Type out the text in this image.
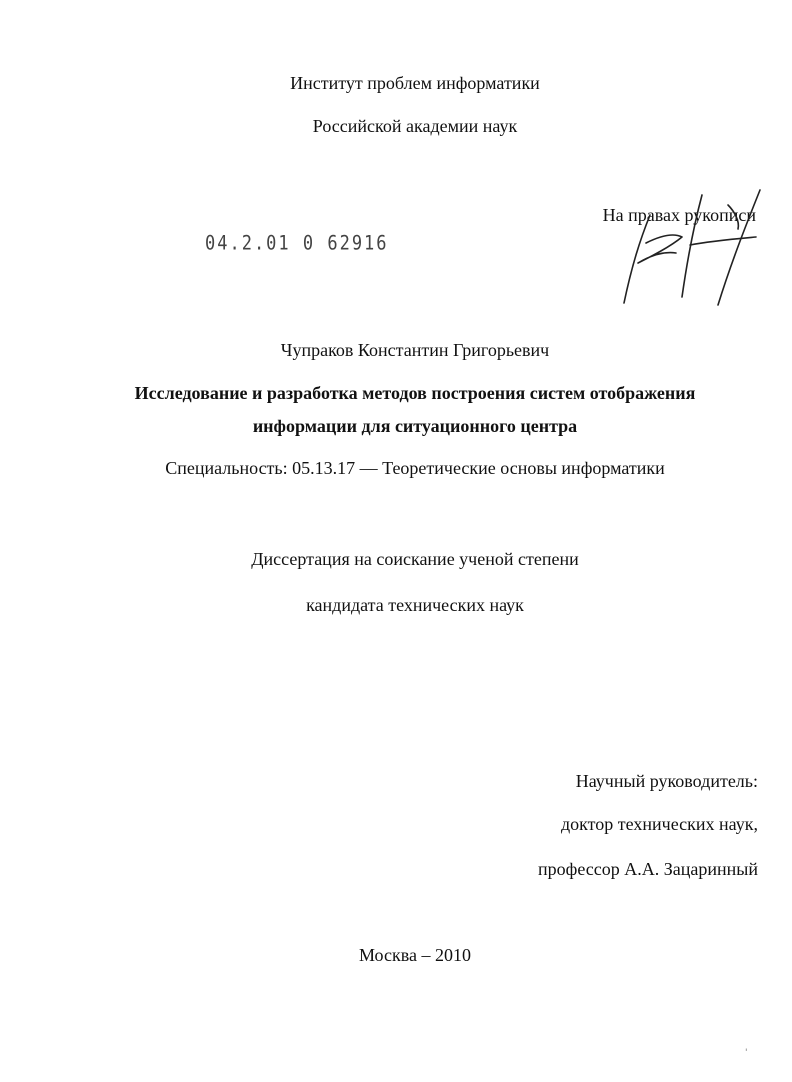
Институт проблем информатики
Российской академии наук
На правах рукописи
04.2.01 0 62916
Чупраков Константин Григорьевич
Исследование и разработка методов построения систем отображения
информации для ситуационного центра
Специальность: 05.13.17 — Теоретические основы информатики
Диссертация на соискание ученой степени
кандидата технических наук
Научный руководитель:
доктор технических наук,
профессор А.А. Зацаринный
Москва – 2010
'
